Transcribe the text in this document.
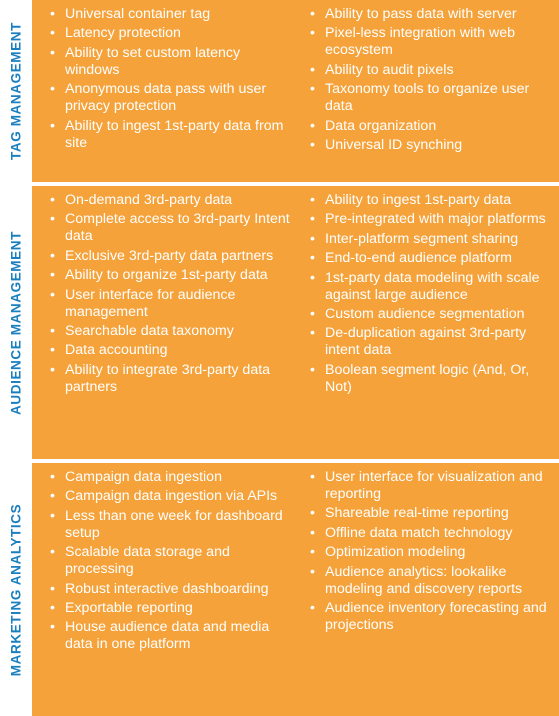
TAG MANAGEMENT
• Universal container tag
• Latency protection
• Ability to set custom latency windows
• Anonymous data pass with user privacy protection
• Ability to ingest 1st-party data from site
• Ability to pass data with server
• Pixel-less integration with web ecosystem
• Ability to audit pixels
• Taxonomy tools to organize user data
• Data organization
• Universal ID synching
AUDIENCE MANAGEMENT
• On-demand 3rd-party data
• Complete access to 3rd-party Intent data
• Exclusive 3rd-party data partners
• Ability to organize 1st-party data
• User interface for audience management
• Searchable data taxonomy
• Data accounting
• Ability to integrate 3rd-party data partners
• Ability to ingest 1st-party data
• Pre-integrated with major platforms
• Inter-platform segment sharing
• End-to-end audience platform
• 1st-party data modeling with scale against large audience
• Custom audience segmentation
• De-duplication against 3rd-party intent data
• Boolean segment logic (And, Or, Not)
MARKETING ANALYTICS
• Campaign data ingestion
• Campaign data ingestion via APIs
• Less than one week for dashboard setup
• Scalable data storage and processing
• Robust interactive dashboarding
• Exportable reporting
• House audience data and media data in one platform
• User interface for visualization and reporting
• Shareable real-time reporting
• Offline data match technology
• Optimization modeling
• Audience analytics: lookalike modeling and discovery reports
• Audience inventory forecasting and projections
